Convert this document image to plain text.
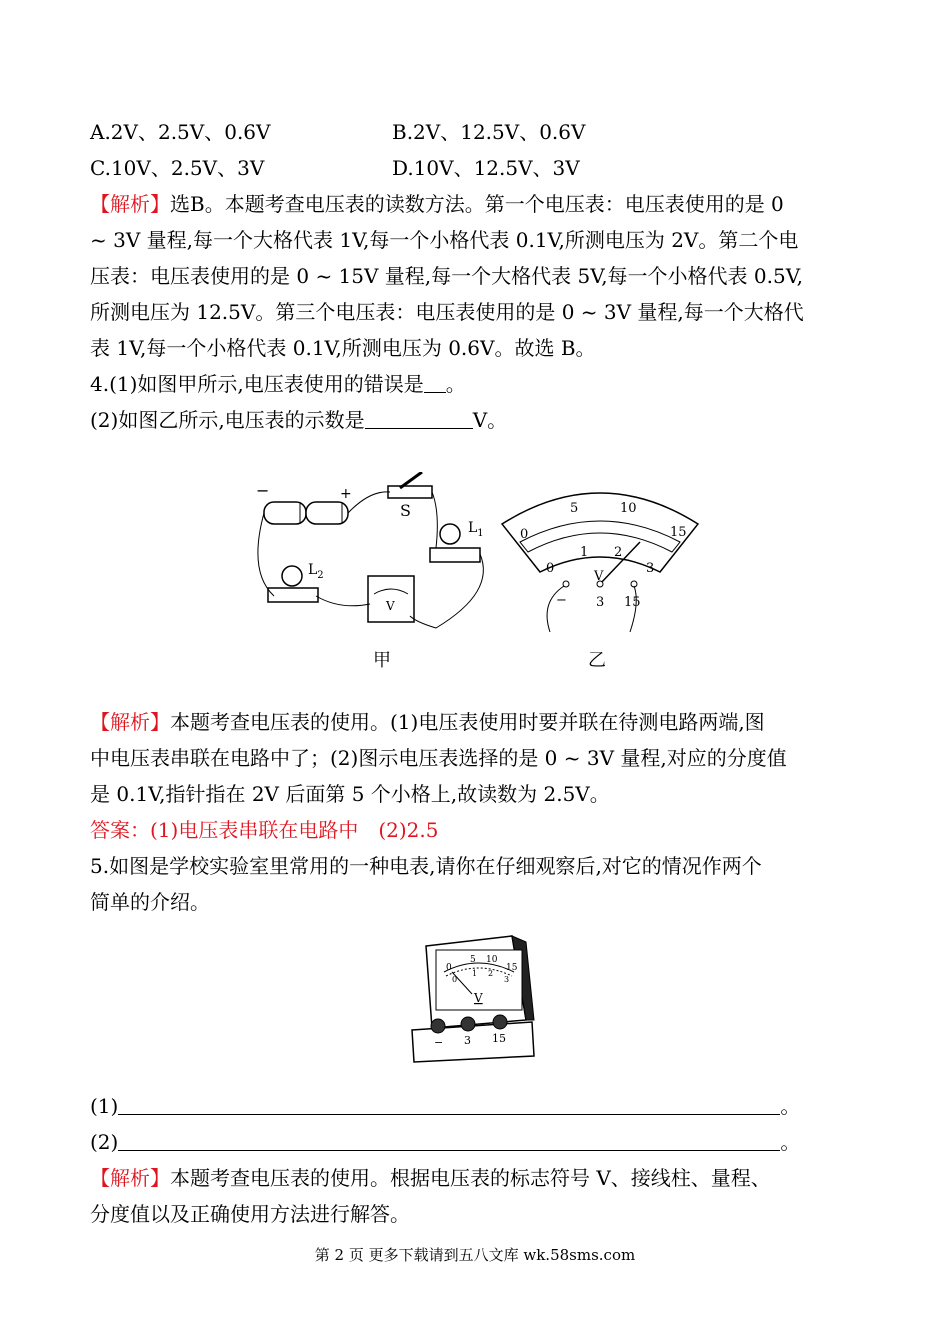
A.2V、2.5V、0.6V	B.2V、12.5V、0.6V
C.10V、2.5V、3V	D.10V、12.5V、3V
【解析】选B。本题考查电压表的读数方法。第一个电压表：电压表使用的是 0
~ 3V 量程,每一个大格代表 1V,每一个小格代表 0.1V,所测电压为 2V。第二个电
压表：电压表使用的是 0 ~ 15V 量程,每一个大格代表 5V,每一个小格代表 0.5V,
所测电压为 12.5V。第三个电压表：电压表使用的是 0 ~ 3V 量程,每一个大格代
表 1V,每一个小格代表 0.1V,所测电压为 0.6V。故选 B。
4.(1)如图甲所示,电压表使用的错误是 。
(2)如图乙所示,电压表的示数是	V。
−	+
S
$L_1$
$L_2$
V
0
5	10
15
0
1 2
3
V
− 3 15
甲	乙
【解析】本题考查电压表的使用。(1)电压表使用时要并联在待测电路两端,图
中电压表串联在电路中了；(2)图示电压表选择的是 0 ~ 3V 量程,对应的分度值
是 0.1V,指针指在 2V 后面第 5 个小格上,故读数为 2.5V。
答案：(1)电压表串联在电路中　(2)2.5
5.如图是学校实验室里常用的一种电表,请你在仔细观察后,对它的情况作两个
简单的介绍。
0
5 10
15
0
1 2
3
V
− 3 15
(1)	。
(2)	。
【解析】本题考查电压表的使用。根据电压表的标志符号 V、接线柱、量程、
分度值以及正确使用方法进行解答。
第 2 页 更多下载请到五八文库 wk.58sms.com
